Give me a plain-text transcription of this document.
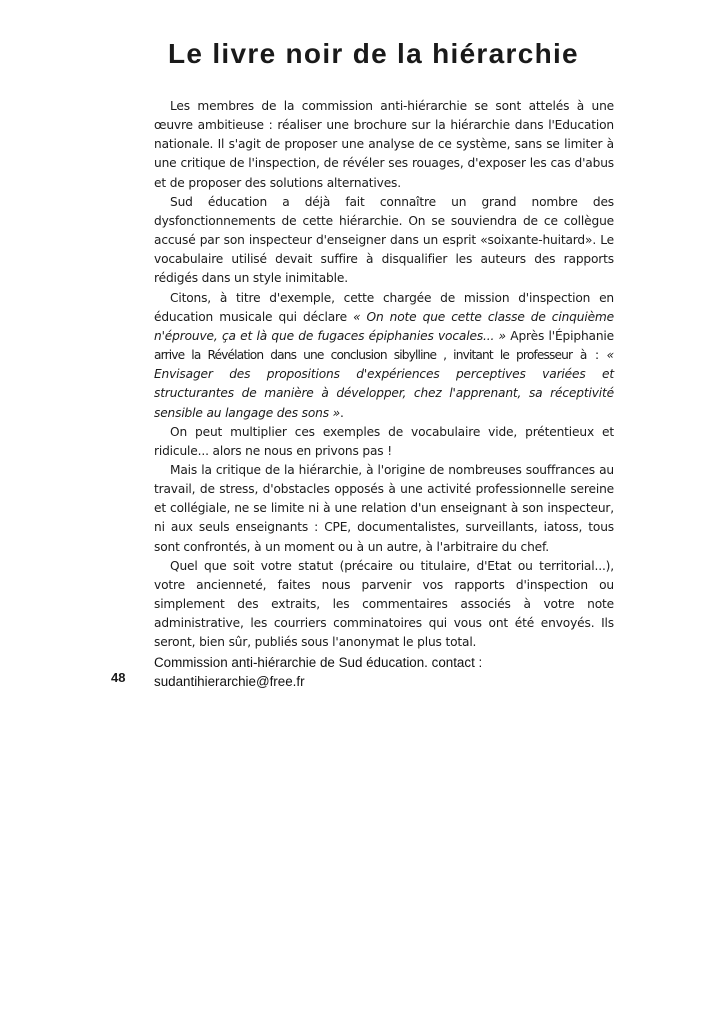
Le livre noir de la hiérarchie

Les membres de la commission anti-hiérarchie se sont attelés à une œuvre ambitieuse : réaliser une brochure sur la hiérarchie dans l'Education nationale. Il s'agit de proposer une analyse de ce système, sans se limiter à une critique de l'inspection, de révéler ses rouages, d'exposer les cas d'abus et de proposer des solutions alternatives.

Sud éducation a déjà fait connaître un grand nombre des dysfonctionnements de cette hiérarchie. On se souviendra de ce collègue accusé par son inspecteur d'enseigner dans un esprit «soixante-huitard». Le vocabulaire utilisé devait suffire à disqualifier les auteurs des rapports rédigés dans un style inimitable.

Citons, à titre d'exemple, cette chargée de mission d'inspection en éducation musicale qui déclare « On note que cette classe de cinquième n'éprouve, ça et là que de fugaces épiphanies vocales... » Après l'Épiphanie arrive la Révélation dans une conclusion sibylline , invitant le professeur à : « Envisager des propositions d'expériences perceptives variées et structurantes de manière à développer, chez l'apprenant, sa réceptivité sensible au langage des sons ».

On peut multiplier ces exemples de vocabulaire vide, prétentieux et ridicule... alors ne nous en privons pas !

Mais la critique de la hiérarchie, à l'origine de nombreuses souffrances au travail, de stress, d'obstacles opposés à une activité professionnelle sereine et collégiale, ne se limite ni à une relation d'un enseignant à son inspecteur, ni aux seuls enseignants : CPE, documentalistes, surveillants, iatoss, tous sont confrontés, à un moment ou à un autre, à l'arbitraire du chef.

Quel que soit votre statut (précaire ou titulaire, d'Etat ou territorial...), votre ancienneté, faites nous parvenir vos rapports d'inspection ou simplement des extraits, les commentaires associés à votre note administrative, les courriers comminatoires qui vous ont été envoyés. Ils seront, bien sûr, publiés sous l'anonymat le plus total.

Commission anti-hiérarchie de Sud éducation. contact :
sudantihierarchie@free.fr
48
